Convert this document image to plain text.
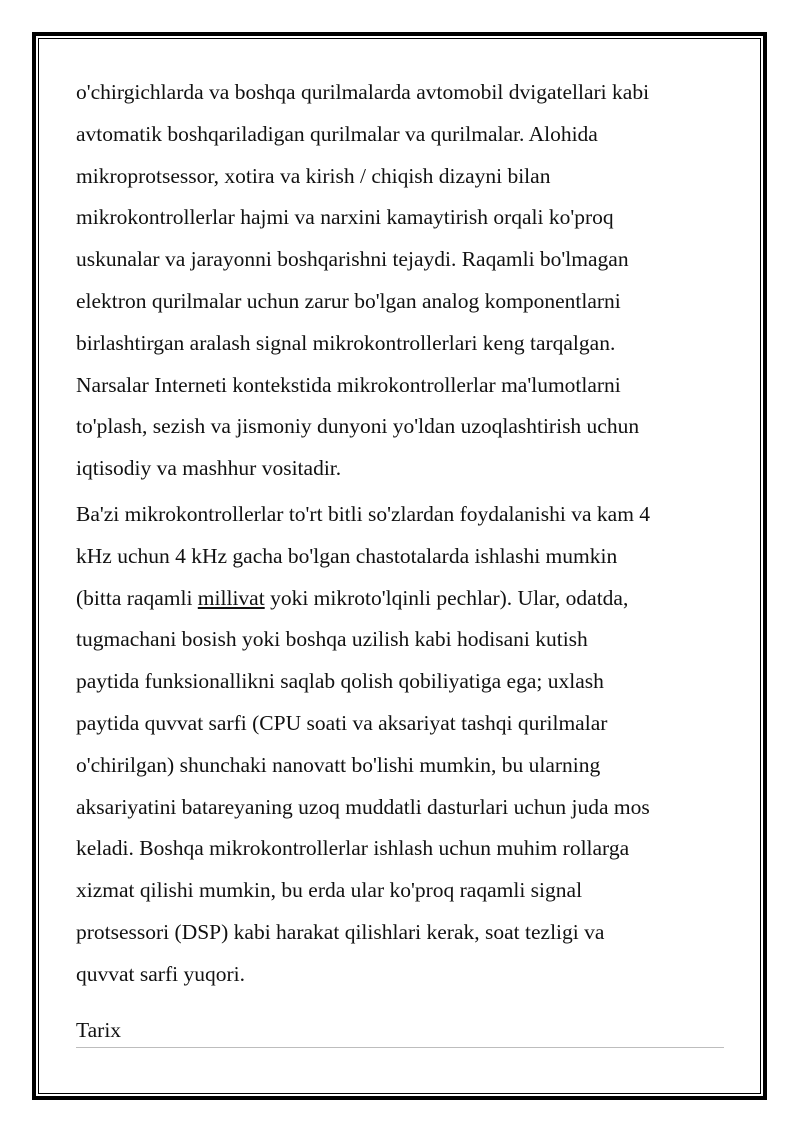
o'chirgichlarda va boshqa qurilmalarda avtomobil dvigatellari kabi
avtomatik boshqariladigan qurilmalar va qurilmalar. Alohida
mikroprotsessor, xotira va kirish / chiqish dizayni bilan
mikrokontrollerlar hajmi va narxini kamaytirish orqali ko'proq
uskunalar va jarayonni boshqarishni tejaydi. Raqamli bo'lmagan
elektron qurilmalar uchun zarur bo'lgan analog komponentlarni
birlashtirgan aralash signal mikrokontrollerlari keng tarqalgan.
Narsalar Interneti kontekstida mikrokontrollerlar ma'lumotlarni
to'plash, sezish va jismoniy dunyoni yo'ldan uzoqlashtirish uchun
iqtisodiy va mashhur vositadir.

Ba'zi mikrokontrollerlar to'rt bitli so'zlardan foydalanishi va kam 4
kHz uchun 4 kHz gacha bo'lgan chastotalarda ishlashi mumkin
(bitta raqamli millivat yoki mikroto'lqinli pechlar). Ular, odatda,
tugmachani bosish yoki boshqa uzilish kabi hodisani kutish
paytida funksionallikni saqlab qolish qobiliyatiga ega; uxlash
paytida quvvat sarfi (CPU soati va aksariyat tashqi qurilmalar
o'chirilgan) shunchaki nanovatt bo'lishi mumkin, bu ularning
aksariyatini batareyaning uzoq muddatli dasturlari uchun juda mos
keladi. Boshqa mikrokontrollerlar ishlash uchun muhim rollarga
xizmat qilishi mumkin, bu erda ular ko'proq raqamli signal
protsessori (DSP) kabi harakat qilishlari kerak, soat tezligi va
quvvat sarfi yuqori.

Tarix
